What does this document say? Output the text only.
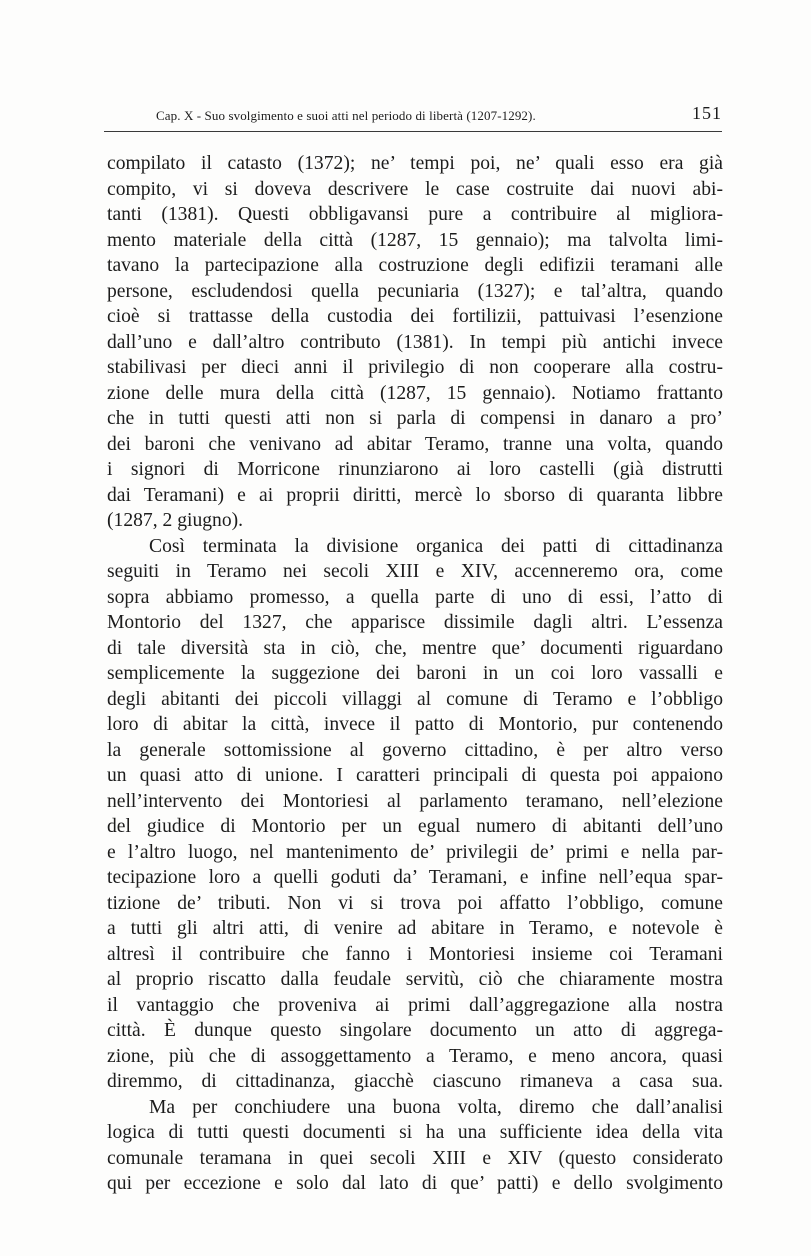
Cap. X - Suo svolgimento e suoi atti nel periodo di libertà (1207-1292).	151
compilato il catasto (1372); ne’ tempi poi, ne’ quali esso era già
compito, vi si doveva descrivere le case costruite dai nuovi abi-
tanti (1381). Questi obbligavansi pure a contribuire al migliora-
mento materiale della città (1287, 15 gennaio); ma talvolta limi-
tavano la partecipazione alla costruzione degli edifizii teramani alle
persone, escludendosi quella pecuniaria (1327); e tal’altra, quando
cioè si trattasse della custodia dei fortilizii, pattuivasi l’esenzione
dall’uno e dall’altro contributo (1381). In tempi più antichi invece
stabilivasi per dieci anni il privilegio di non cooperare alla costru-
zione delle mura della città (1287, 15 gennaio). Notiamo frattanto
che in tutti questi atti non si parla di compensi in danaro a pro’
dei baroni che venivano ad abitar Teramo, tranne una volta, quando
i signori di Morricone rinunziarono ai loro castelli (già distrutti
dai Teramani) e ai proprii diritti, mercè lo sborso di quaranta libbre
(1287, 2 giugno).
Così terminata la divisione organica dei patti di cittadinanza
seguiti in Teramo nei secoli XIII e XIV, accenneremo ora, come
sopra abbiamo promesso, a quella parte di uno di essi, l’atto di
Montorio del 1327, che apparisce dissimile dagli altri. L’essenza
di tale diversità sta in ciò, che, mentre que’ documenti riguardano
semplicemente la suggezione dei baroni in un coi loro vassalli e
degli abitanti dei piccoli villaggi al comune di Teramo e l’obbligo
loro di abitar la città, invece il patto di Montorio, pur contenendo
la generale sottomissione al governo cittadino, è per altro verso
un quasi atto di unione. I caratteri principali di questa poi appaiono
nell’intervento dei Montoriesi al parlamento teramano, nell’elezione
del giudice di Montorio per un egual numero di abitanti dell’uno
e l’altro luogo, nel mantenimento de’ privilegii de’ primi e nella par-
tecipazione loro a quelli goduti da’ Teramani, e infine nell’equa spar-
tizione de’ tributi. Non vi si trova poi affatto l’obbligo, comune
a tutti gli altri atti, di venire ad abitare in Teramo, e notevole è
altresì il contribuire che fanno i Montoriesi insieme coi Teramani
al proprio riscatto dalla feudale servitù, ciò che chiaramente mostra
il vantaggio che proveniva ai primi dall’aggregazione alla nostra
città. È dunque questo singolare documento un atto di aggrega-
zione, più che di assoggettamento a Teramo, e meno ancora, quasi
diremmo, di cittadinanza, giacchè ciascuno rimaneva a casa sua.
Ma per conchiudere una buona volta, diremo che dall’analisi
logica di tutti questi documenti si ha una sufficiente idea della vita
comunale teramana in quei secoli XIII e XIV (questo considerato
qui per eccezione e solo dal lato di que’ patti) e dello svolgimento
